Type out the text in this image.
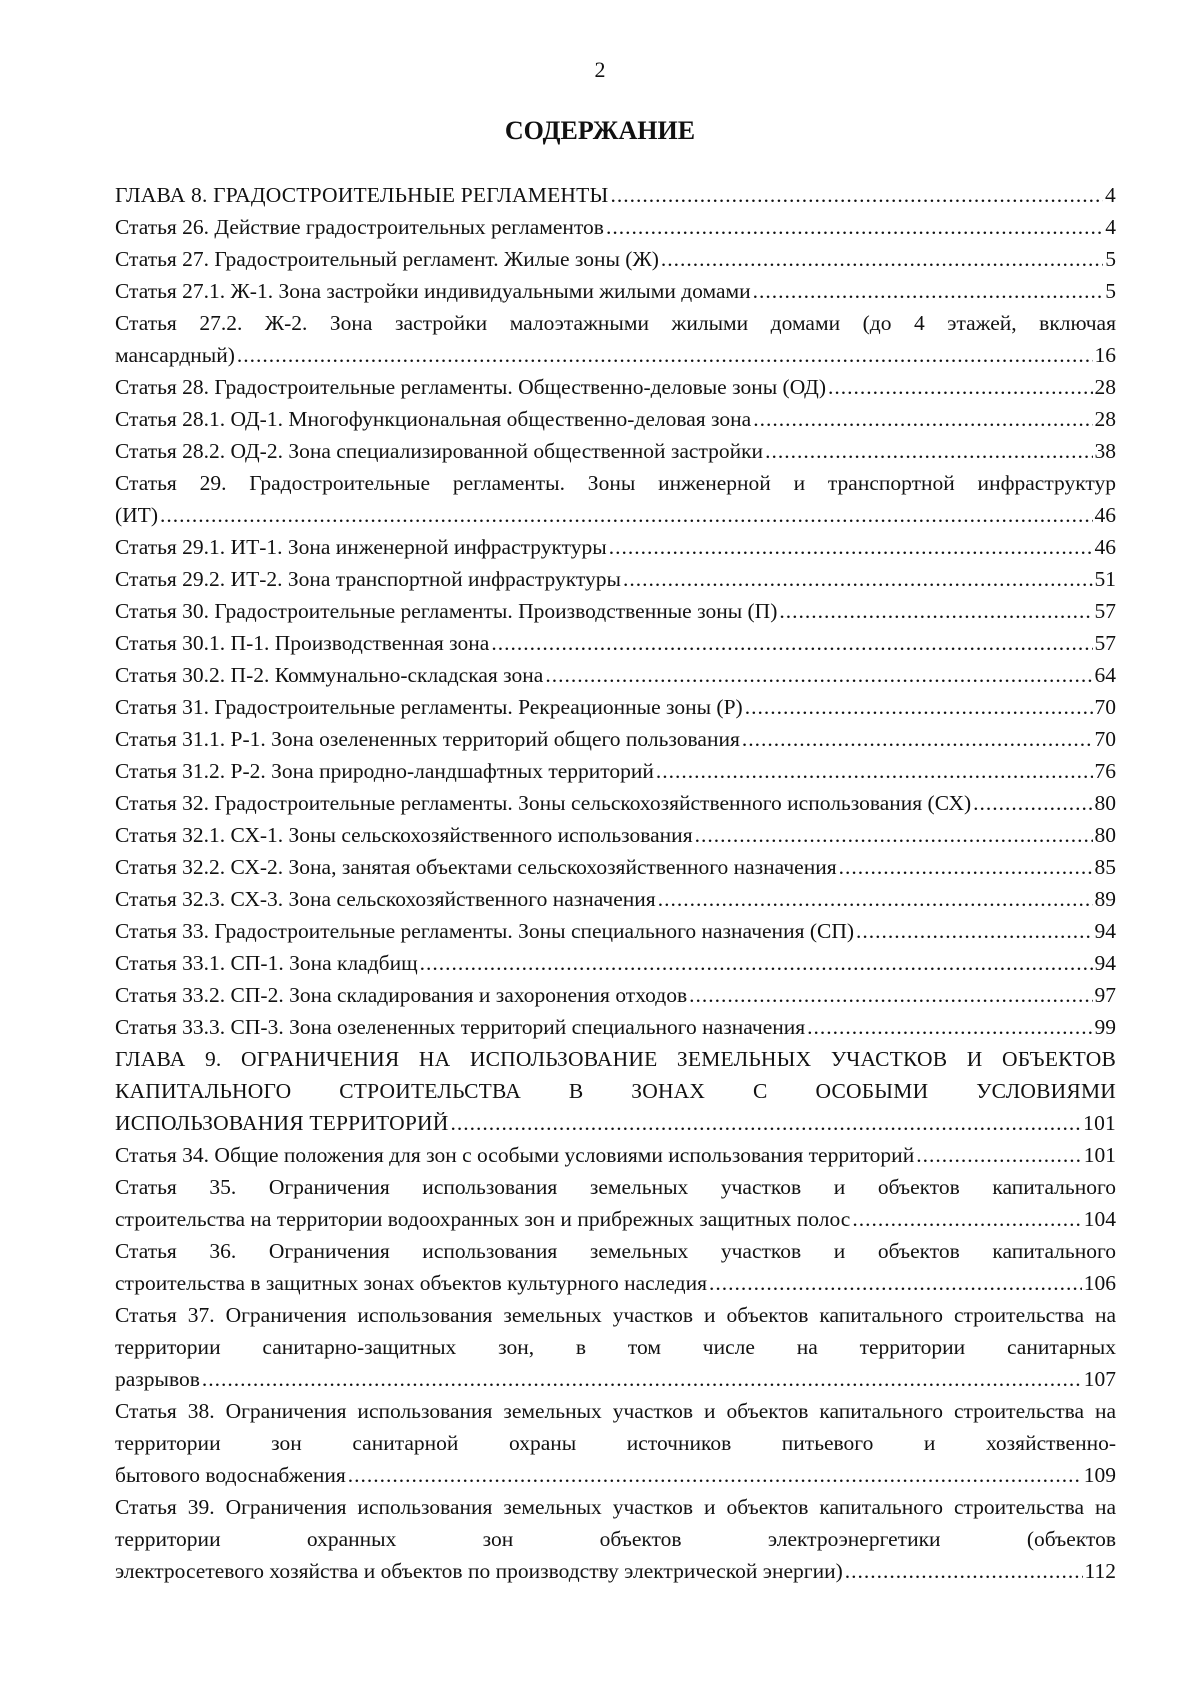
2
СОДЕРЖАНИЕ
ГЛАВА 8. ГРАДОСТРОИТЕЛЬНЫЕ РЕГЛАМЕНТЫ .....	4
Статья 26. Действие градостроительных регламентов .....	4
Статья 27. Градостроительный регламент. Жилые зоны (Ж) .....	5
Статья 27.1. Ж-1. Зона застройки индивидуальными жилыми домами .....	5
Статья 27.2. Ж-2. Зона застройки малоэтажными жилыми домами (до 4 этажей, включая
мансардный) .....	16
Статья 28. Градостроительные регламенты. Общественно-деловые зоны (ОД) .....	28
Статья 28.1. ОД-1. Многофункциональная общественно-деловая зона .....	28
Статья 28.2. ОД-2. Зона специализированной общественной застройки .....	38
Статья 29. Градостроительные регламенты. Зоны инженерной и транспортной инфраструктур
(ИТ) .....	46
Статья 29.1. ИТ-1. Зона инженерной инфраструктуры .....	46
Статья 29.2. ИТ-2. Зона транспортной инфраструктуры .....	51
Статья 30. Градостроительные регламенты. Производственные зоны (П) .....	57
Статья 30.1. П-1. Производственная зона .....	57
Статья 30.2. П-2. Коммунально-складская зона .....	64
Статья 31. Градостроительные регламенты. Рекреационные зоны (Р) .....	70
Статья 31.1. Р-1. Зона озелененных территорий общего пользования .....	70
Статья 31.2. Р-2. Зона природно-ландшафтных территорий .....	76
Статья 32. Градостроительные регламенты. Зоны сельскохозяйственного использования (СХ) .....	80
Статья 32.1. СХ-1. Зоны сельскохозяйственного использования .....	80
Статья 32.2. СХ-2. Зона, занятая объектами сельскохозяйственного назначения .....	85
Статья 32.3. СХ-3. Зона сельскохозяйственного назначения .....	89
Статья 33. Градостроительные регламенты. Зоны специального назначения (СП) .....	94
Статья 33.1. СП-1. Зона кладбищ .....	94
Статья 33.2. СП-2. Зона складирования и захоронения отходов .....	97
Статья 33.3. СП-3. Зона озелененных территорий специального назначения .....	99
ГЛАВА 9. ОГРАНИЧЕНИЯ НА ИСПОЛЬЗОВАНИЕ ЗЕМЕЛЬНЫХ УЧАСТКОВ И ОБЪЕКТОВ КАПИТАЛЬНОГО СТРОИТЕЛЬСТВА В ЗОНАХ С ОСОБЫМИ УСЛОВИЯМИ
ИСПОЛЬЗОВАНИЯ ТЕРРИТОРИЙ .....	101
Статья 34. Общие положения для зон с особыми условиями использования территорий .....	101
Статья 35. Ограничения использования земельных участков и объектов капитального
строительства на территории водоохранных зон и прибрежных защитных полос .....	104
Статья 36. Ограничения использования земельных участков и объектов капитального
строительства в защитных зонах объектов культурного наследия .....	106
Статья 37. Ограничения использования земельных участков и объектов капитального строительства на территории санитарно-защитных зон, в том числе на территории санитарных
разрывов .....	107
Статья 38. Ограничения использования земельных участков и объектов капитального строительства на территории зон санитарной охраны источников питьевого и хозяйственно-
бытового водоснабжения .....	109
Статья 39. Ограничения использования земельных участков и объектов капитального строительства на территории охранных зон объектов электроэнергетики (объектов
электросетевого хозяйства и объектов по производству электрической энергии) .....	112
